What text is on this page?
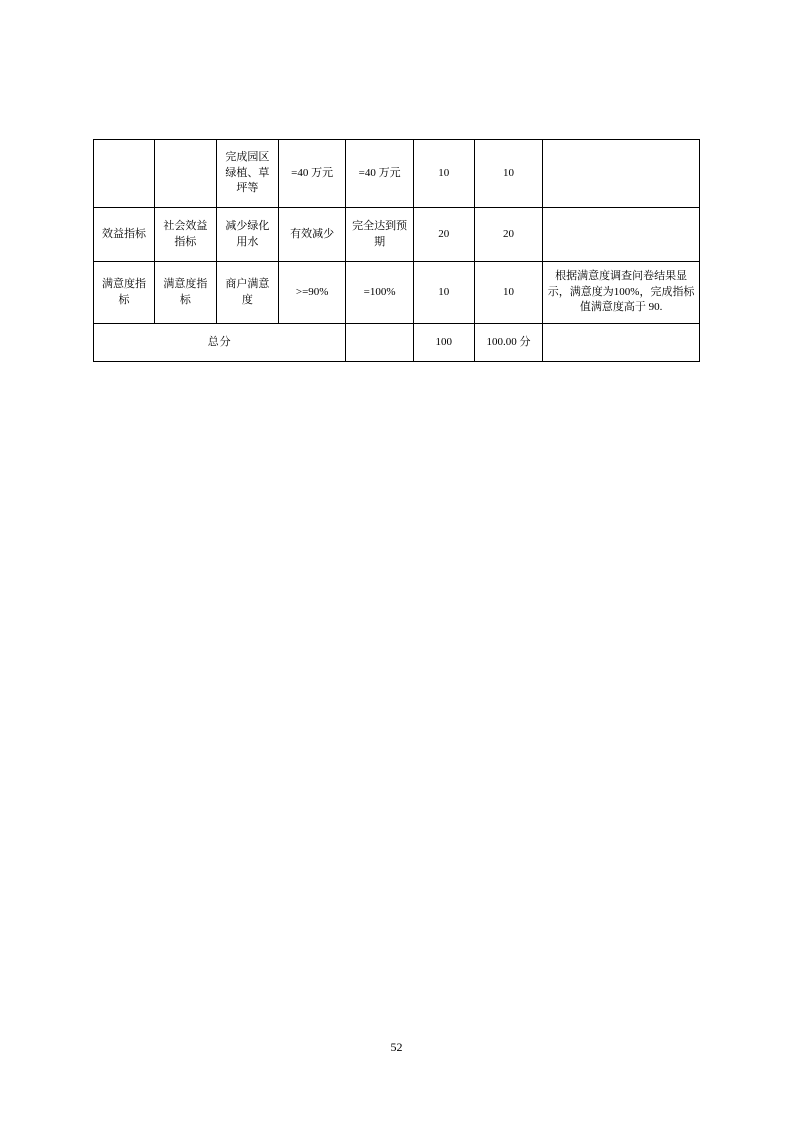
		完成园区绿植、草坪等	=40 万元	=40 万元	10	10	
效益指标	社会效益指标	减少绿化用水	有效减少	完全达到预期	20	20	
满意度指标	满意度指标	商户满意度	>=90%	=100%	10	10	根据满意度调查问卷结果显示，满意度为100%，完成指标值满意度高于 90.
总分					100	100.00 分	
52
